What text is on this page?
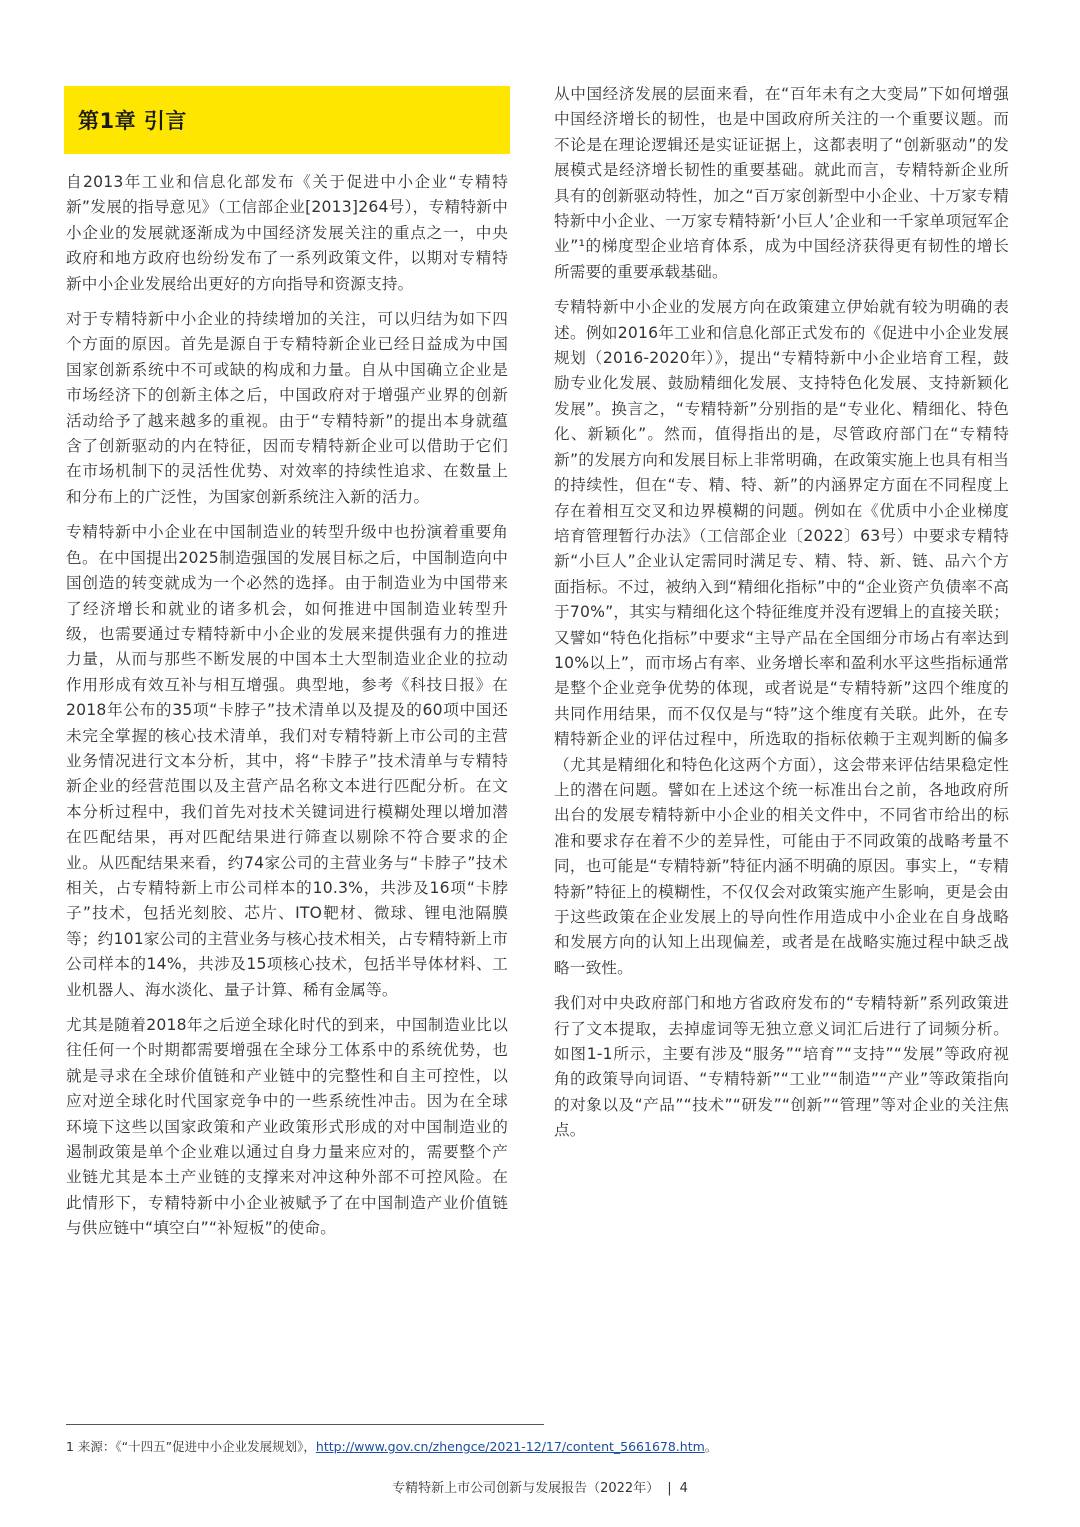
第1章 引言

自2013年工业和信息化部发布《关于促进中小企业“专精特新”发展的指导意见》（工信部企业[2013]264号），专精特新中小企业的发展就逐渐成为中国经济发展关注的重点之一，中央政府和地方政府也纷纷发布了一系列政策文件，以期对专精特新中小企业发展给出更好的方向指导和资源支持。

对于专精特新中小企业的持续增加的关注，可以归结为如下四个方面的原因。首先是源自于专精特新企业已经日益成为中国国家创新系统中不可或缺的构成和力量。自从中国确立企业是市场经济下的创新主体之后，中国政府对于增强产业界的创新活动给予了越来越多的重视。由于“专精特新”的提出本身就蕴含了创新驱动的内在特征，因而专精特新企业可以借助于它们在市场机制下的灵活性优势、对效率的持续性追求、在数量上和分布上的广泛性，为国家创新系统注入新的活力。

专精特新中小企业在中国制造业的转型升级中也扮演着重要角色。在中国提出2025制造强国的发展目标之后，中国制造向中国创造的转变就成为一个必然的选择。由于制造业为中国带来了经济增长和就业的诸多机会，如何推进中国制造业转型升级，也需要通过专精特新中小企业的发展来提供强有力的推进力量，从而与那些不断发展的中国本土大型制造业企业的拉动作用形成有效互补与相互增强。典型地，参考《科技日报》在2018年公布的35项“卡脖子”技术清单以及提及的60项中国还未完全掌握的核心技术清单，我们对专精特新上市公司的主营业务情况进行文本分析，其中，将“卡脖子”技术清单与专精特新企业的经营范围以及主营产品名称文本进行匹配分析。在文本分析过程中，我们首先对技术关键词进行模糊处理以增加潜在匹配结果，再对匹配结果进行筛查以剔除不符合要求的企业。从匹配结果来看，约74家公司的主营业务与“卡脖子”技术相关，占专精特新上市公司样本的10.3%，共涉及16项“卡脖子”技术，包括光刻胶、芯片、ITO靶材、微球、锂电池隔膜等；约101家公司的主营业务与核心技术相关，占专精特新上市公司样本的14%，共涉及15项核心技术，包括半导体材料、工业机器人、海水淡化、量子计算、稀有金属等。

尤其是随着2018年之后逆全球化时代的到来，中国制造业比以往任何一个时期都需要增强在全球分工体系中的系统优势，也就是寻求在全球价值链和产业链中的完整性和自主可控性，以应对逆全球化时代国家竞争中的一些系统性冲击。因为在全球环境下这些以国家政策和产业政策形式形成的对中国制造业的遏制政策是单个企业难以通过自身力量来应对的，需要整个产业链尤其是本土产业链的支撑来对冲这种外部不可控风险。在此情形下，专精特新中小企业被赋予了在中国制造产业价值链与供应链中“填空白”“补短板”的使命。

从中国经济发展的层面来看，在“百年未有之大变局”下如何增强中国经济增长的韧性，也是中国政府所关注的一个重要议题。而不论是在理论逻辑还是实证证据上，这都表明了“创新驱动”的发展模式是经济增长韧性的重要基础。就此而言，专精特新企业所具有的创新驱动特性，加之“百万家创新型中小企业、十万家专精特新中小企业、一万家专精特新‘小巨人’企业和一千家单项冠军企业”¹的梯度型企业培育体系，成为中国经济获得更有韧性的增长所需要的重要承载基础。

专精特新中小企业的发展方向在政策建立伊始就有较为明确的表述。例如2016年工业和信息化部正式发布的《促进中小企业发展规划（2016-2020年）》，提出“专精特新中小企业培育工程，鼓励专业化发展、鼓励精细化发展、支持特色化发展、支持新颖化发展”。换言之，“专精特新”分别指的是“专业化、精细化、特色化、新颖化”。然而，值得指出的是，尽管政府部门在“专精特新”的发展方向和发展目标上非常明确，在政策实施上也具有相当的持续性，但在“专、精、特、新”的内涵界定方面在不同程度上存在着相互交叉和边界模糊的问题。例如在《优质中小企业梯度培育管理暂行办法》（工信部企业〔2022〕63号）中要求专精特新“小巨人”企业认定需同时满足专、精、特、新、链、品六个方面指标。不过，被纳入到“精细化指标”中的“企业资产负债率不高于70%”，其实与精细化这个特征维度并没有逻辑上的直接关联；又譬如“特色化指标”中要求“主导产品在全国细分市场占有率达到10%以上”，而市场占有率、业务增长率和盈利水平这些指标通常是整个企业竞争优势的体现，或者说是“专精特新”这四个维度的共同作用结果，而不仅仅是与“特”这个维度有关联。此外，在专精特新企业的评估过程中，所选取的指标依赖于主观判断的偏多（尤其是精细化和特色化这两个方面），这会带来评估结果稳定性上的潜在问题。譬如在上述这个统一标准出台之前，各地政府所出台的发展专精特新中小企业的相关文件中，不同省市给出的标准和要求存在着不少的差异性，可能由于不同政策的战略考量不同，也可能是“专精特新”特征内涵不明确的原因。事实上，“专精特新”特征上的模糊性，不仅仅会对政策实施产生影响，更是会由于这些政策在企业发展上的导向性作用造成中小企业在自身战略和发展方向的认知上出现偏差，或者是在战略实施过程中缺乏战略一致性。

我们对中央政府部门和地方省政府发布的“专精特新”系列政策进行了文本提取，去掉虚词等无独立意义词汇后进行了词频分析。如图1-1所示，主要有涉及“服务”“培育”“支持”“发展”等政府视角的政策导向词语、“专精特新”“工业”“制造”“产业”等政策指向的对象以及“产品”“技术”“研发”“创新”“管理”等对企业的关注焦点。

1 来源：《“十四五”促进中小企业发展规划》，http://www.gov.cn/zhengce/2021-12/17/content_5661678.htm。
专精特新上市公司创新与发展报告（2022年） | 4
